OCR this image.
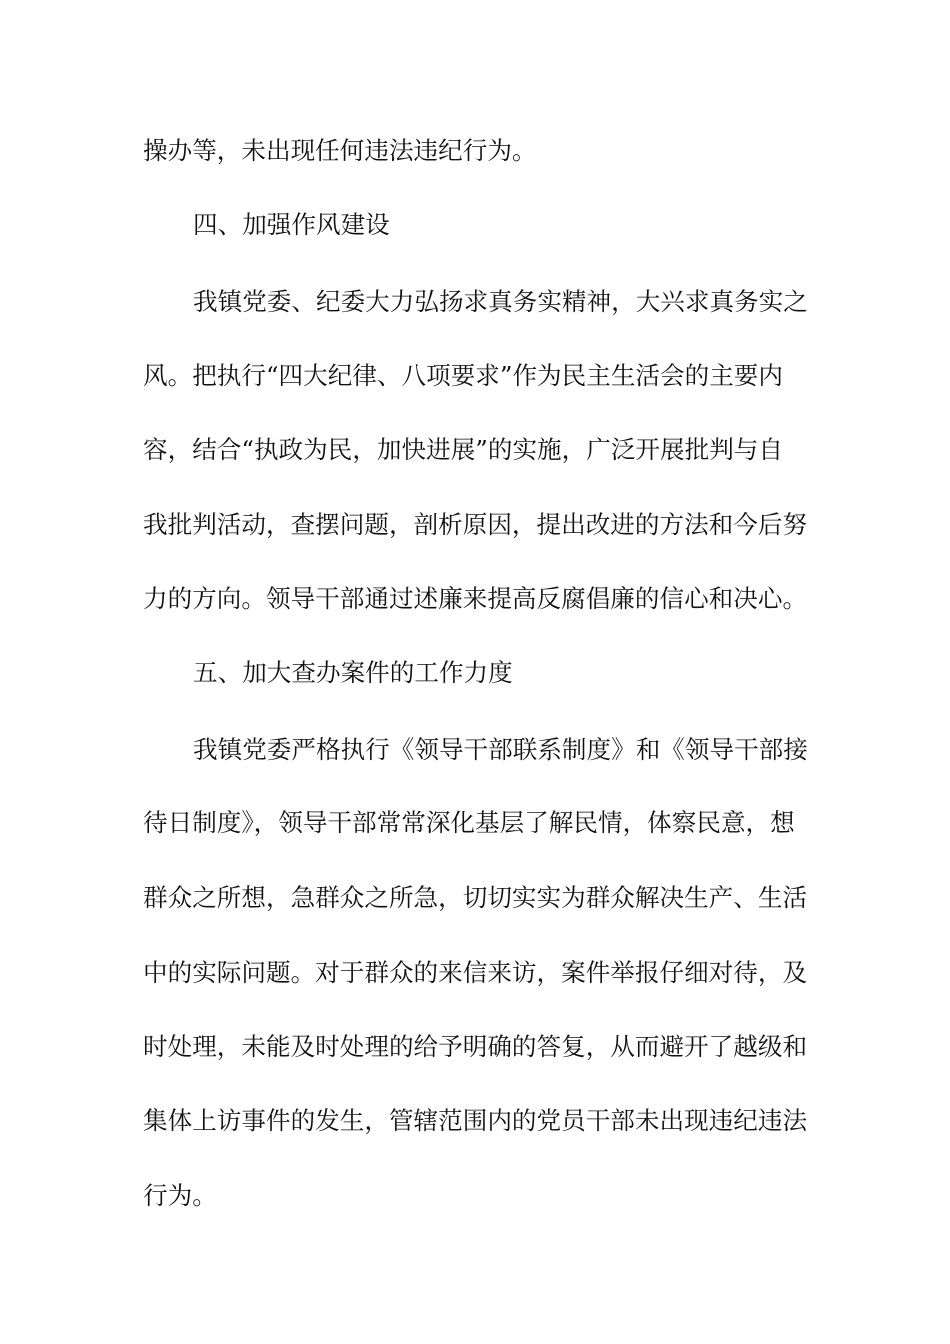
操办等，未出现任何违法违纪行为。
四、加强作风建设
我镇党委、纪委大力弘扬求真务实精神，大兴求真务实之
风。把执行“四大纪律、八项要求”作为民主生活会的主要内
容，结合“执政为民，加快进展”的实施，广泛开展批判与自
我批判活动，查摆问题，剖析原因，提出改进的方法和今后努
力的方向。领导干部通过述廉来提高反腐倡廉的信心和决心。
五、加大查办案件的工作力度
我镇党委严格执行《领导干部联系制度》和《领导干部接
待日制度》，领导干部常常深化基层了解民情，体察民意，想
群众之所想，急群众之所急，切切实实为群众解决生产、生活
中的实际问题。对于群众的来信来访，案件举报仔细对待，及
时处理，未能及时处理的给予明确的答复，从而避开了越级和
集体上访事件的发生，管辖范围内的党员干部未出现违纪违法
行为。
